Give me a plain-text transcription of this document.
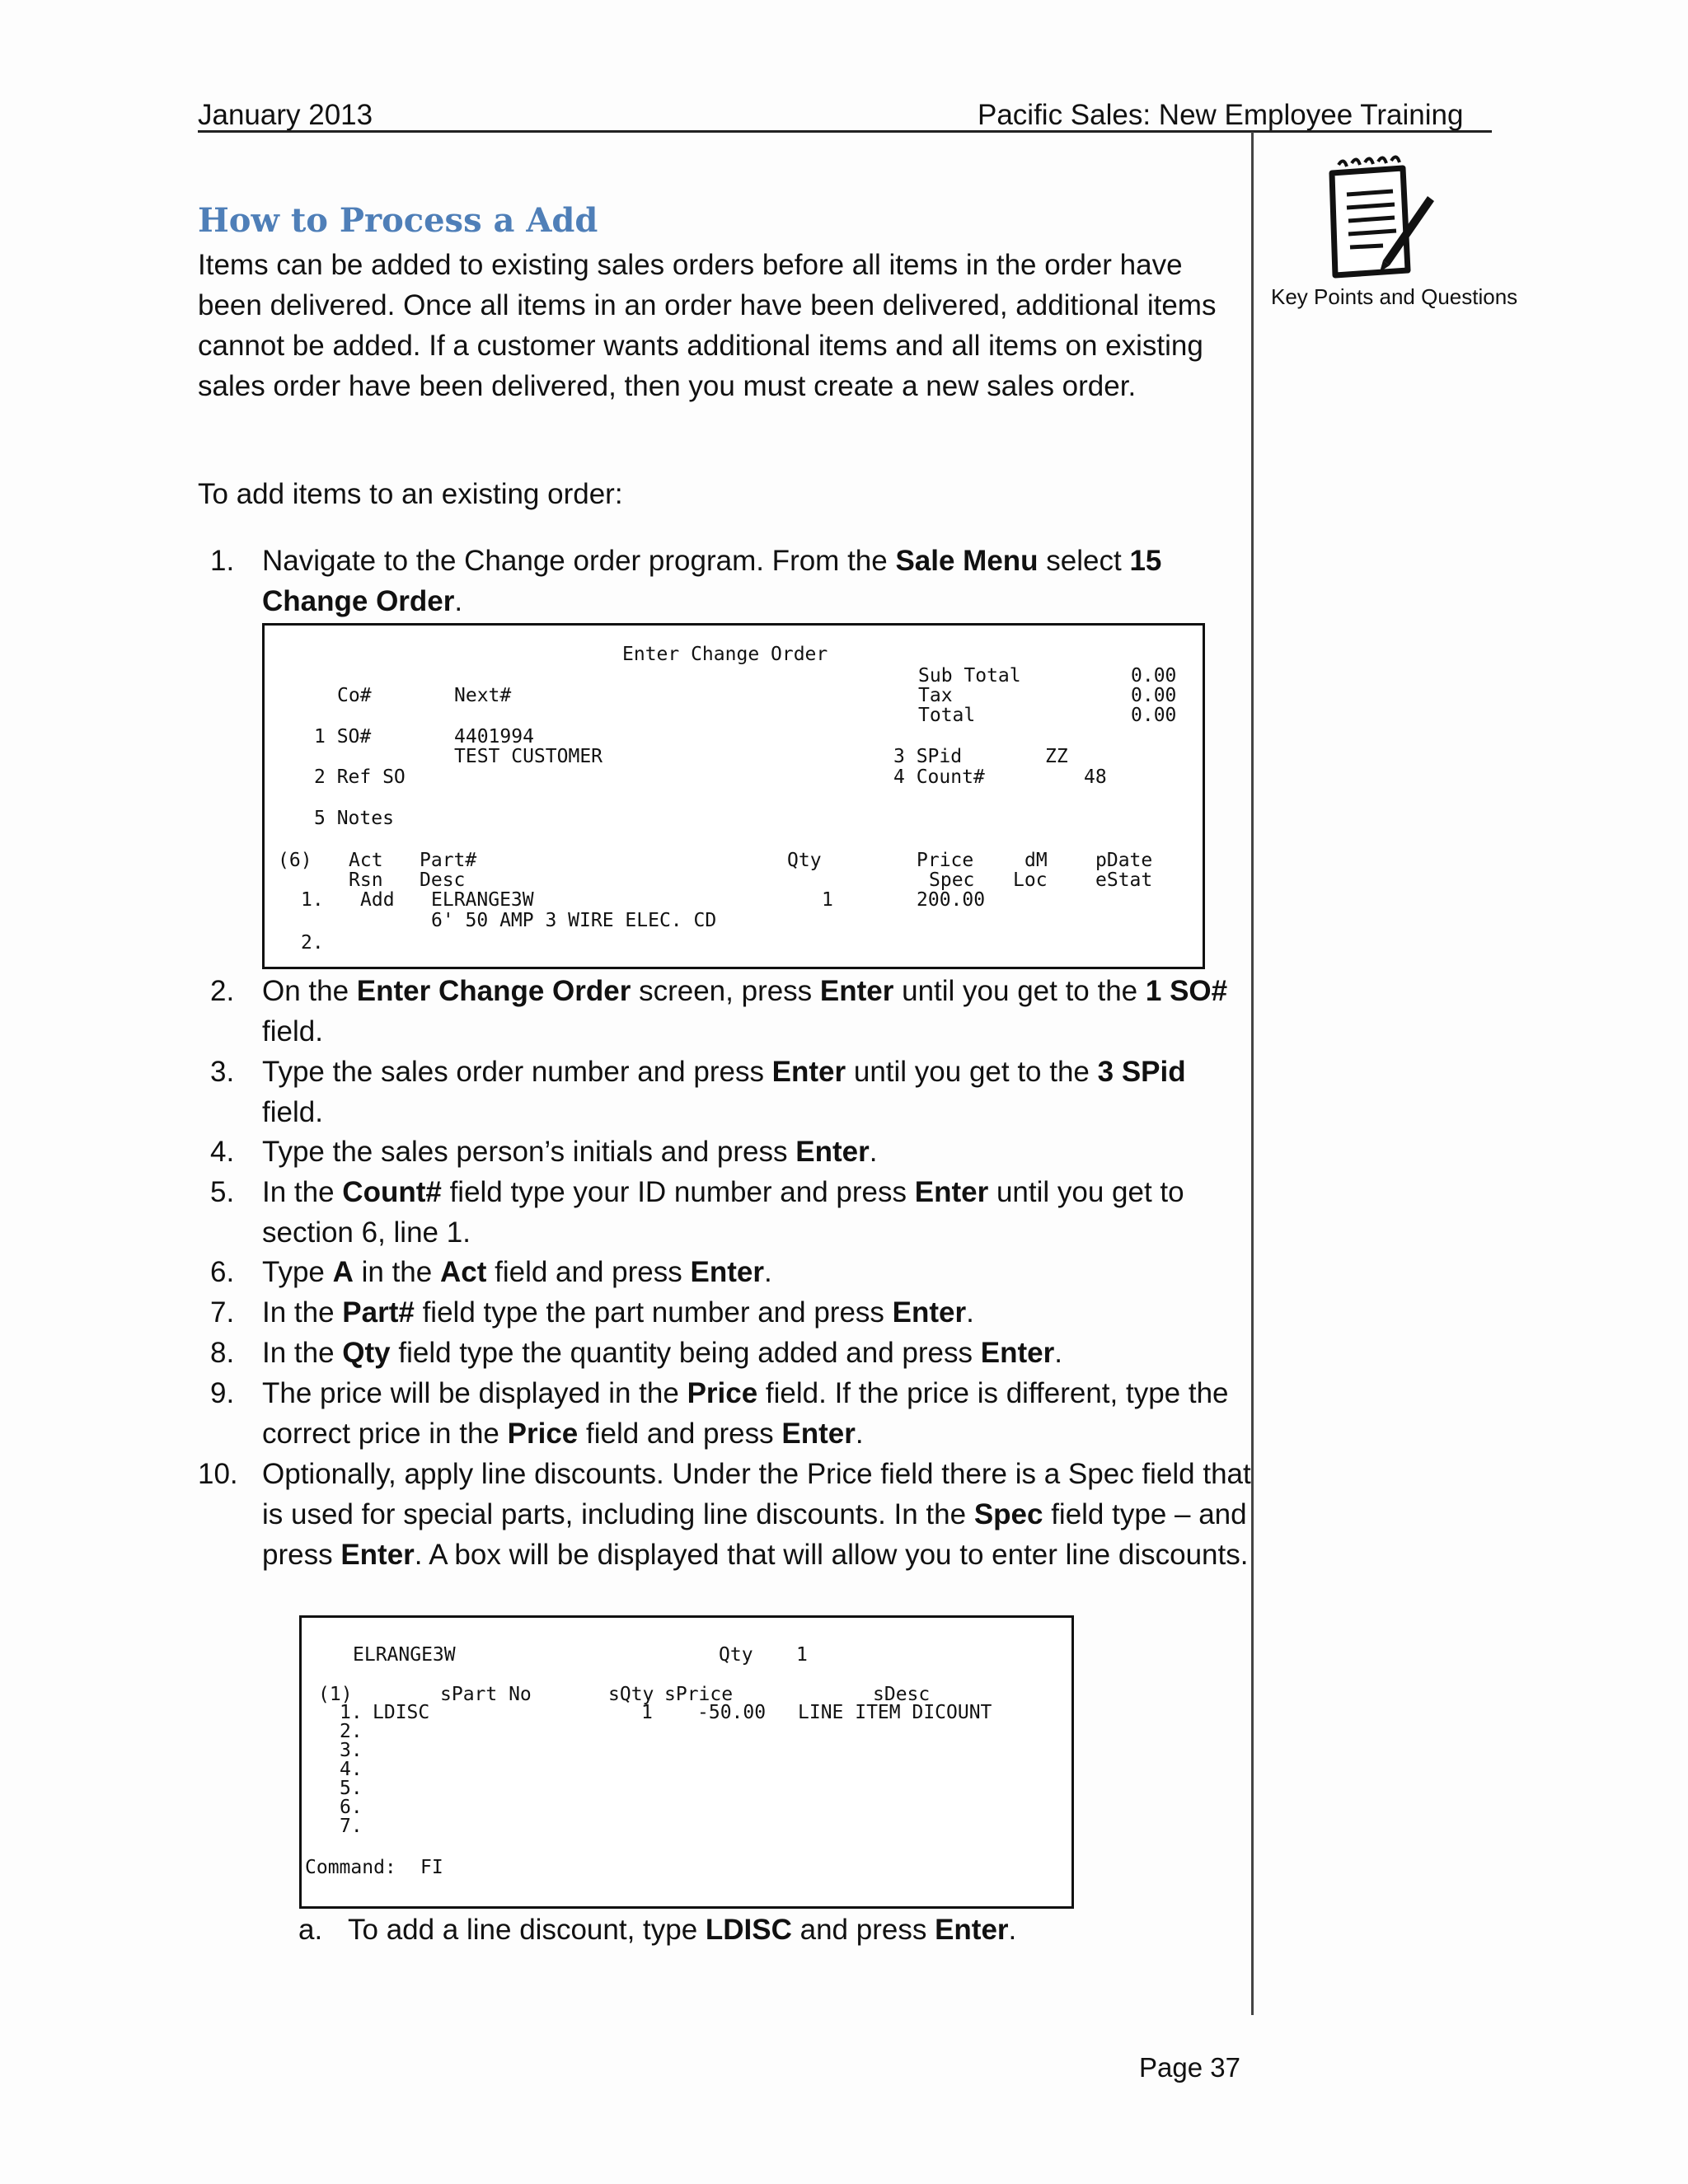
January 2013	Pacific Sales: New Employee Training
Key Points and Questions
How to Process a Add
Items can be added to existing sales orders before all items in the order have been delivered. Once all items in an order have been delivered, additional items cannot be added. If a customer wants additional items and all items on existing sales order have been delivered, then you must create a new sales order.
To add items to an existing order:
1. Navigate to the Change order program. From the Sale Menu select 15 Change Order.
Enter Change Order
Sub Total	0.00
Co#	Next#	Tax	0.00
Total	0.00
1 SO#	4401994
TEST CUSTOMER	3 SPid	ZZ
2 Ref SO	4 Count#	48
5 Notes
(6) Act Part#	Qty	Price	dM	pDate
Rsn Desc	Spec Loc	eStat
1. Add ELRANGE3W	1	200.00
6' 50 AMP 3 WIRE ELEC. CD
2.
2. On the Enter Change Order screen, press Enter until you get to the 1 SO# field.
3. Type the sales order number and press Enter until you get to the 3 SPid field.
4. Type the sales person’s initials and press Enter.
5. In the Count# field type your ID number and press Enter until you get to section 6, line 1.
6. Type A in the Act field and press Enter.
7. In the Part# field type the part number and press Enter.
8. In the Qty field type the quantity being added and press Enter.
9. The price will be displayed in the Price field. If the price is different, type the correct price in the Price field and press Enter.
10. Optionally, apply line discounts. Under the Price field there is a Spec field that is used for special parts, including line discounts. In the Spec field type – and press Enter. A box will be displayed that will allow you to enter line discounts.
ELRANGE3W	Qty 1
(1)	sPart No	sQty sPrice	sDesc
1. LDISC	1 -50.00 LINE ITEM DICOUNT
2.
3.
4.
5.
6.
7.
Command: FI
a. To add a line discount, type LDISC and press Enter.
Page 37
